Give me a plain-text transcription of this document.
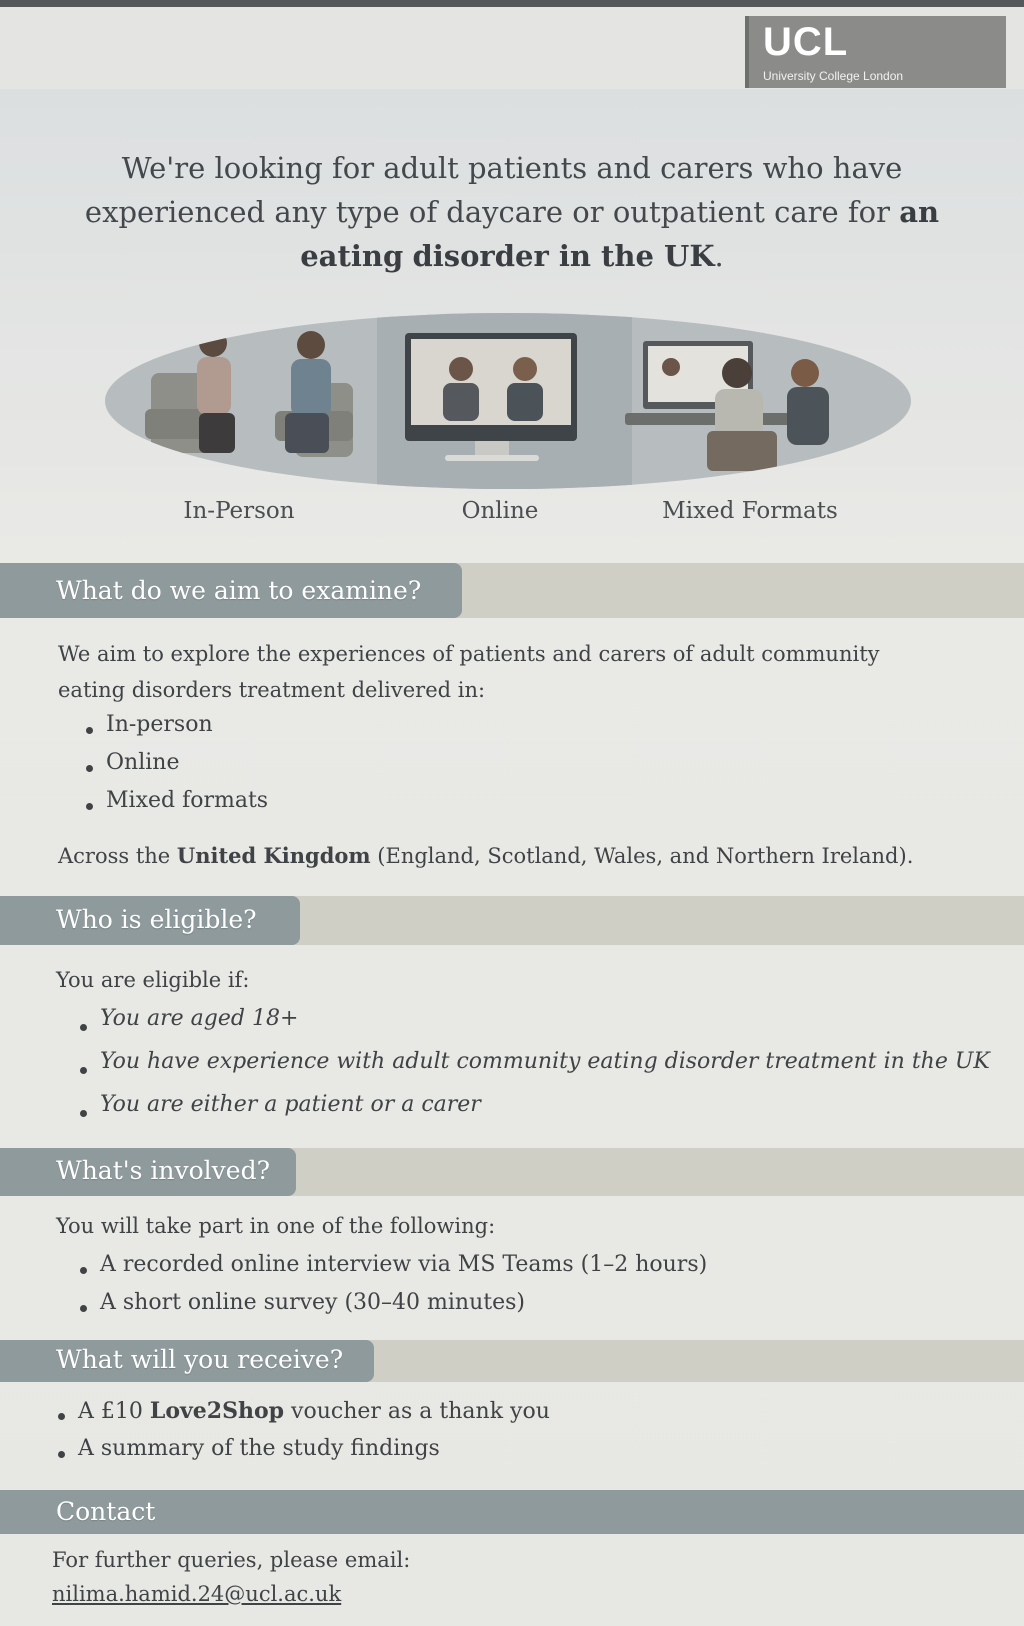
UCL
University College London
We're looking for adult patients and carers who have experienced any type of daycare or outpatient care for an eating disorder in the UK.
In-Person	Online	Mixed Formats
What do we aim to examine?
We aim to explore the experiences of patients and carers of adult community eating disorders treatment delivered in:
In-person
Online
Mixed formats
Across the United Kingdom (England, Scotland, Wales, and Northern Ireland).
Who is eligible?
You are eligible if:
You are aged 18+
You have experience with adult community eating disorder treatment in the UK
You are either a patient or a carer
What's involved?
You will take part in one of the following:
A recorded online interview via MS Teams (1–2 hours)
A short online survey (30–40 minutes)
What will you receive?
A £10 Love2Shop voucher as a thank you
A summary of the study findings
Contact
For further queries, please email:
nilima.hamid.24@ucl.ac.uk
